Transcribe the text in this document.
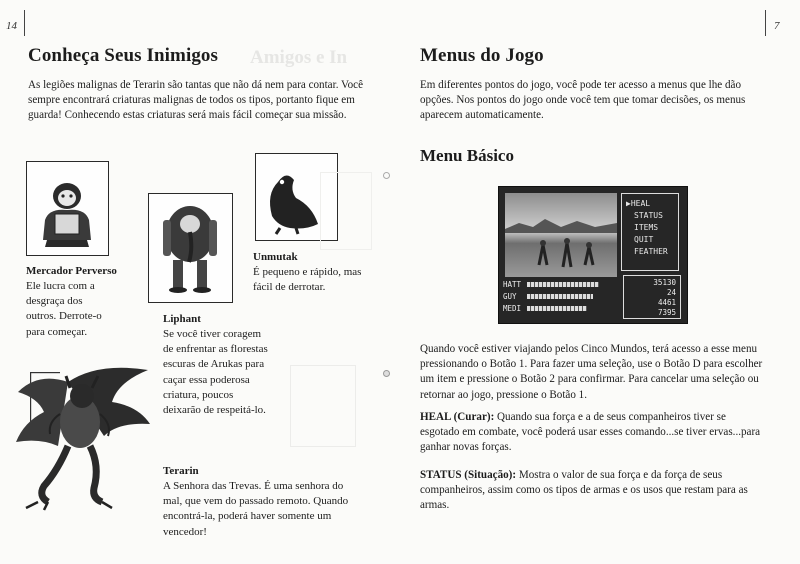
14
Amigos e In
Conheça Seus Inimigos

As legiões malignas de Terarin são tantas que não dá nem para contar. Você sempre encontrará criaturas malignas de todos os tipos, portanto fique em guarda! Conhecendo estas criaturas será mais fácil começar sua missão.

Mercador Perverso
Ele lucra com a desgraça dos outros. Derrote-o para começar.
Liphant
Se você tiver coragem de enfrentar as florestas escuras de Arukas para caçar essa poderosa criatura, poucos deixarão de respeitá-lo.
Unmutak
É pequeno e rápido, mas fácil de derrotar.
Terarin
A Senhora das Trevas. É uma senhora do mal, que vem do passado remoto. Quando encontrá-la, poderá haver somente um vencedor!
7
Menus do Jogo

Em diferentes pontos do jogo, você pode ter acesso a menus que lhe dão opções. Nos pontos do jogo onde você tem que tomar decisões, os menus aparecem automaticamente.

Menu Básico
▶HEAL
STATUS
ITEMS
QUIT
FEATHER
HATT
GUY
MEDI
35130
24
4461
7395

Quando você estiver viajando pelos Cinco Mundos, terá acesso a esse menu pressionando o Botão 1. Para fazer uma seleção, use o Botão D para escolher um item e pressione o Botão 2 para confirmar. Para cancelar uma seleção ou retornar ao jogo, pressione o Botão 1.

HEAL (Curar): Quando sua força e a de seus companheiros tiver se esgotado em combate, você poderá usar esses comando...se tiver ervas...para ganhar novas forças.

STATUS (Situação): Mostra o valor de sua força e da força de seus companheiros, assim como os tipos de armas e os usos que restam para as armas.
